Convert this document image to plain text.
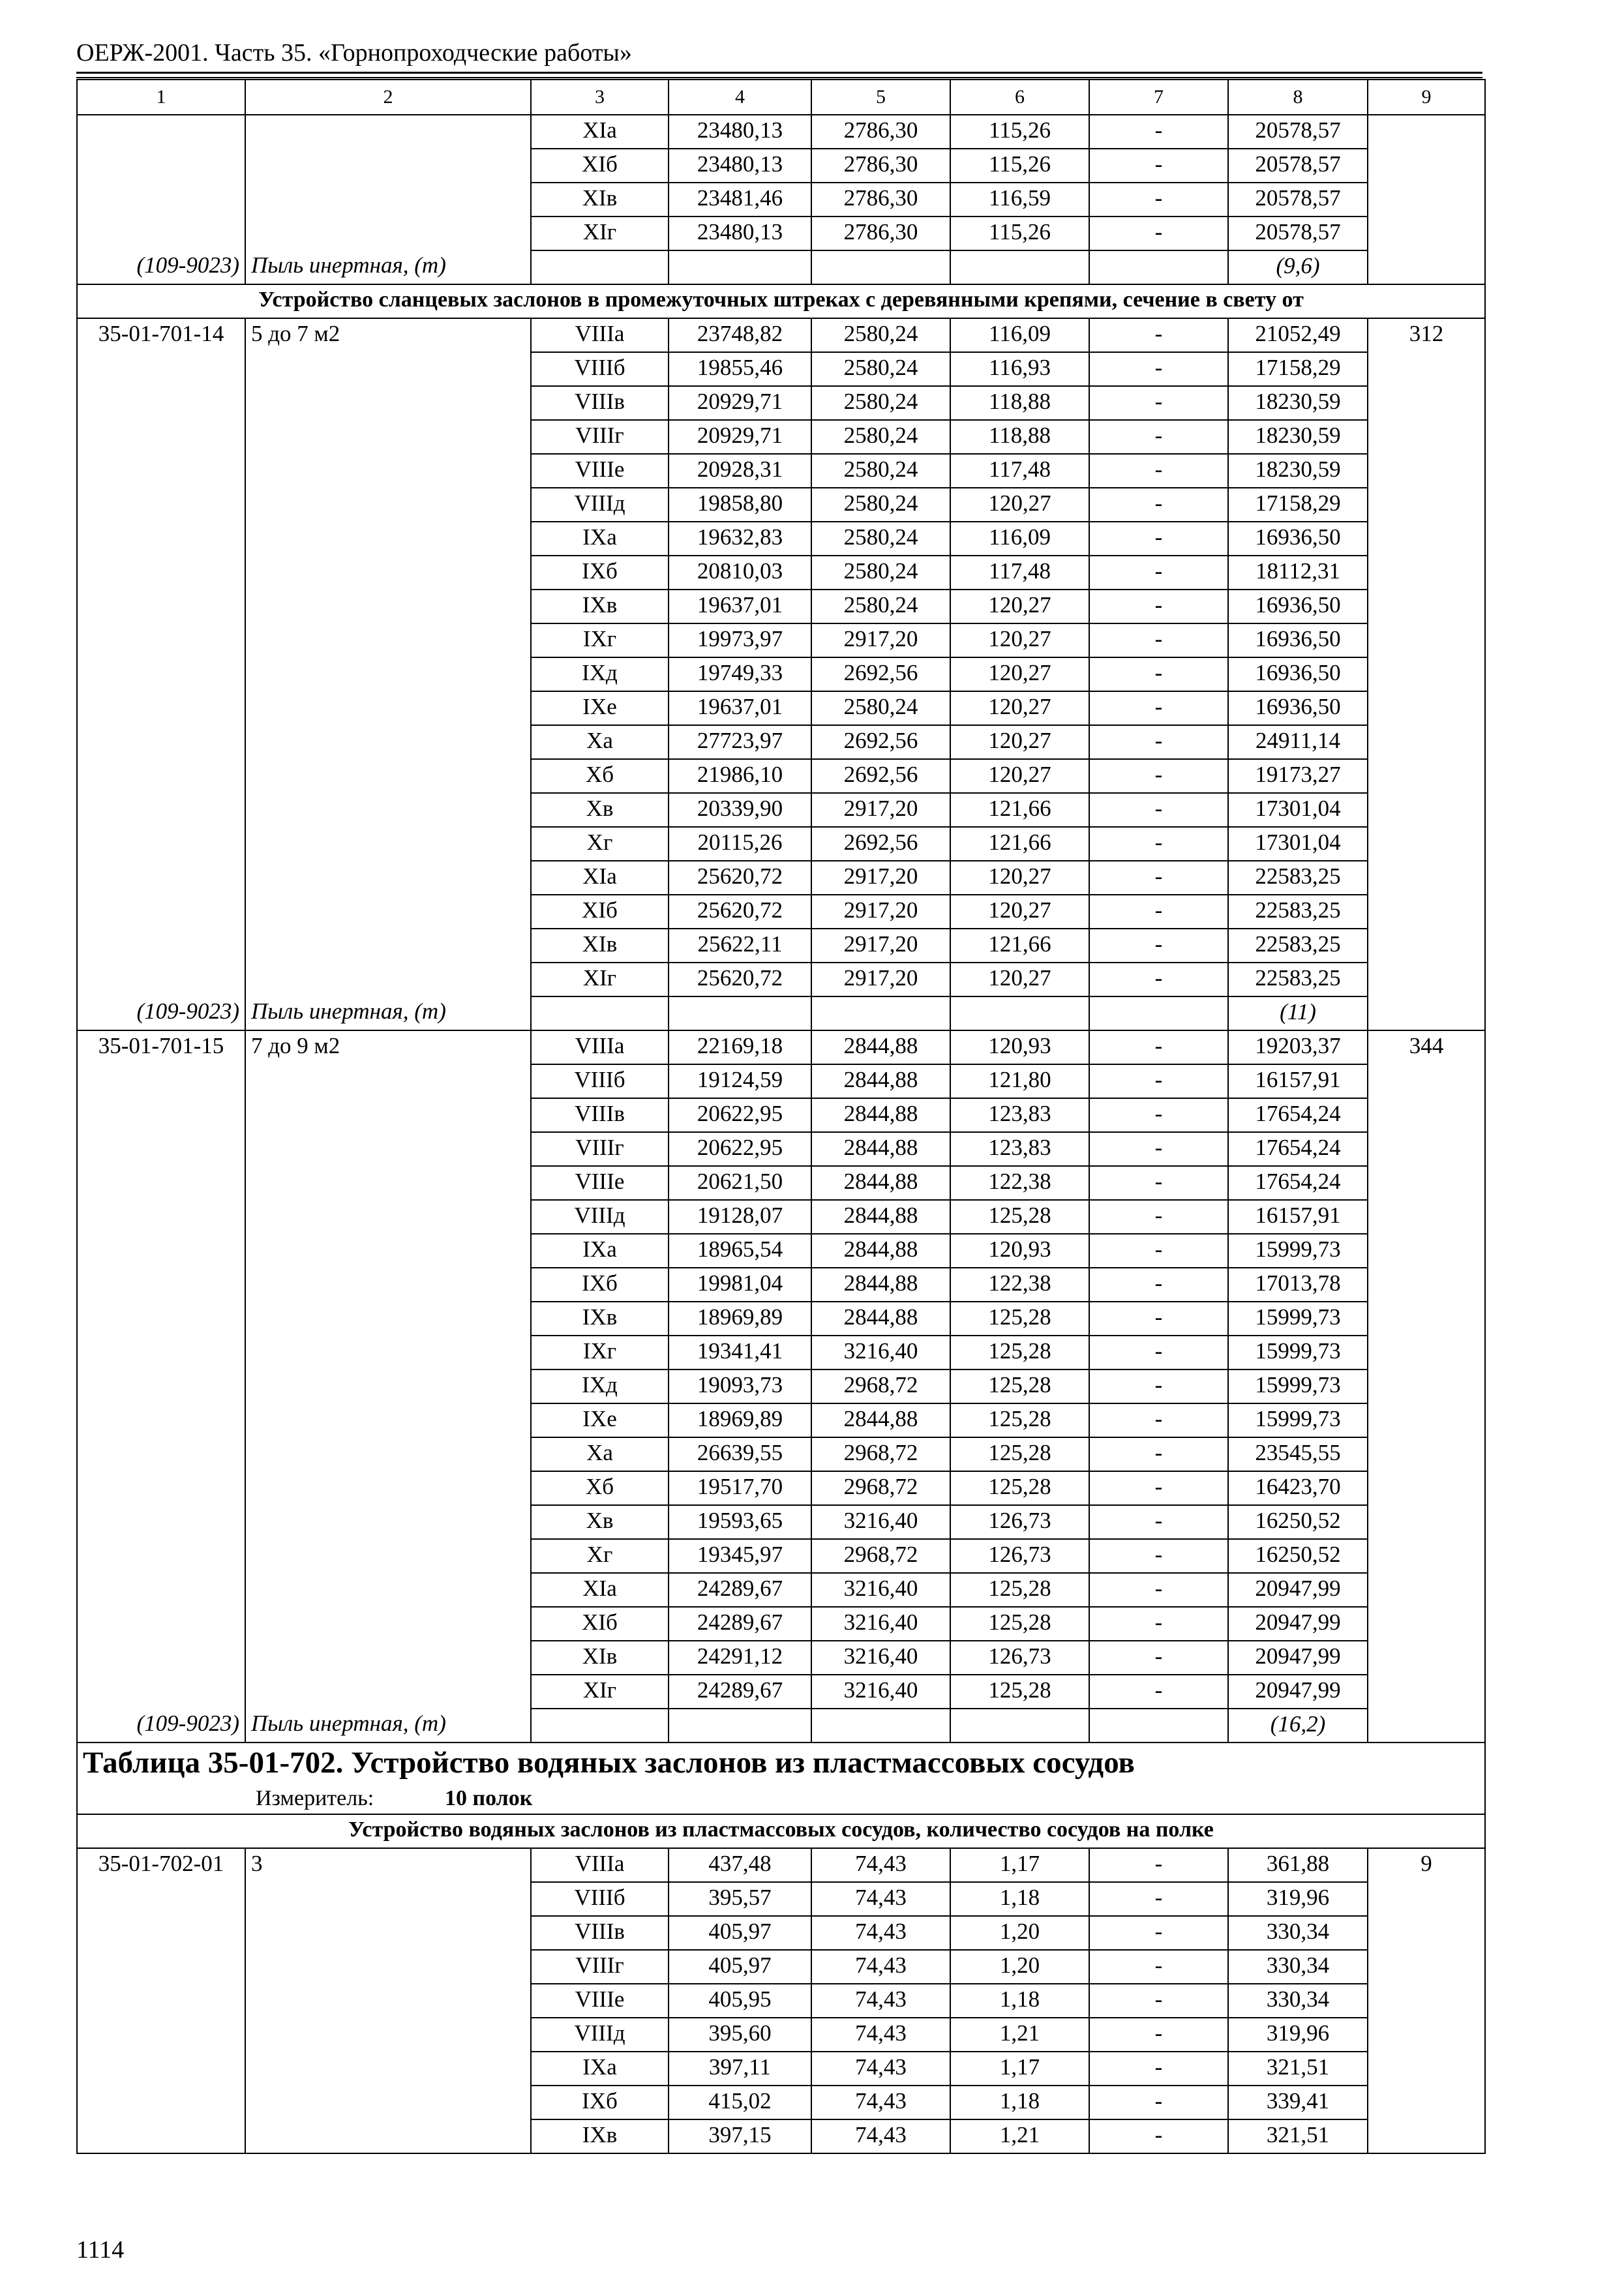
ОЕРЖ-2001. Часть 35. «Горнопроходческие работы»
1	2	3	4	5	6	7	8	9
		XIа	23480,13	2786,30	115,26	-	20578,57	
		XIб	23480,13	2786,30	115,26	-	20578,57	
		XIв	23481,46	2786,30	116,59	-	20578,57	
		XIг	23480,13	2786,30	115,26	-	20578,57	
(109-9023)	Пыль инертная, (т)						(9,6)	
Устройство сланцевых заслонов в промежуточных штреках с деревянными крепями, сечение в свету от								
35-01-701-14	5 до 7 м2	VIIIа	23748,82	2580,24	116,09	-	21052,49	312
		VIIIб	19855,46	2580,24	116,93	-	17158,29	
		VIIIв	20929,71	2580,24	118,88	-	18230,59	
		VIIIг	20929,71	2580,24	118,88	-	18230,59	
		VIIIе	20928,31	2580,24	117,48	-	18230,59	
		VIIIд	19858,80	2580,24	120,27	-	17158,29	
		IXа	19632,83	2580,24	116,09	-	16936,50	
		IXб	20810,03	2580,24	117,48	-	18112,31	
		IXв	19637,01	2580,24	120,27	-	16936,50	
		IXг	19973,97	2917,20	120,27	-	16936,50	
		IXд	19749,33	2692,56	120,27	-	16936,50	
		IXе	19637,01	2580,24	120,27	-	16936,50	
		Xа	27723,97	2692,56	120,27	-	24911,14	
		Xб	21986,10	2692,56	120,27	-	19173,27	
		Xв	20339,90	2917,20	121,66	-	17301,04	
		Xг	20115,26	2692,56	121,66	-	17301,04	
		XIа	25620,72	2917,20	120,27	-	22583,25	
		XIб	25620,72	2917,20	120,27	-	22583,25	
		XIв	25622,11	2917,20	121,66	-	22583,25	
		XIг	25620,72	2917,20	120,27	-	22583,25	
(109-9023)	Пыль инертная, (т)						(11)	
35-01-701-15	7 до 9 м2	VIIIа	22169,18	2844,88	120,93	-	19203,37	344
		VIIIб	19124,59	2844,88	121,80	-	16157,91	
		VIIIв	20622,95	2844,88	123,83	-	17654,24	
		VIIIг	20622,95	2844,88	123,83	-	17654,24	
		VIIIе	20621,50	2844,88	122,38	-	17654,24	
		VIIIд	19128,07	2844,88	125,28	-	16157,91	
		IXа	18965,54	2844,88	120,93	-	15999,73	
		IXб	19981,04	2844,88	122,38	-	17013,78	
		IXв	18969,89	2844,88	125,28	-	15999,73	
		IXг	19341,41	3216,40	125,28	-	15999,73	
		IXд	19093,73	2968,72	125,28	-	15999,73	
		IXе	18969,89	2844,88	125,28	-	15999,73	
		Xа	26639,55	2968,72	125,28	-	23545,55	
		Xб	19517,70	2968,72	125,28	-	16423,70	
		Xв	19593,65	3216,40	126,73	-	16250,52	
		Xг	19345,97	2968,72	126,73	-	16250,52	
		XIа	24289,67	3216,40	125,28	-	20947,99	
		XIб	24289,67	3216,40	125,28	-	20947,99	
		XIв	24291,12	3216,40	126,73	-	20947,99	
		XIг	24289,67	3216,40	125,28	-	20947,99	
(109-9023)	Пыль инертная, (т)						(16,2)	
Таблица 35-01-702. Устройство водяных заслонов из пластмассовых сосудов								
Измеритель: 10 полок								
Устройство водяных заслонов из пластмассовых сосудов, количество сосудов на полке								
35-01-702-01	3	VIIIа	437,48	74,43	1,17	-	361,88	9
		VIIIб	395,57	74,43	1,18	-	319,96	
		VIIIв	405,97	74,43	1,20	-	330,34	
		VIIIг	405,97	74,43	1,20	-	330,34	
		VIIIе	405,95	74,43	1,18	-	330,34	
		VIIIд	395,60	74,43	1,21	-	319,96	
		IXа	397,11	74,43	1,17	-	321,51	
		IXб	415,02	74,43	1,18	-	339,41	
		IXв	397,15	74,43	1,21	-	321,51	
1114
